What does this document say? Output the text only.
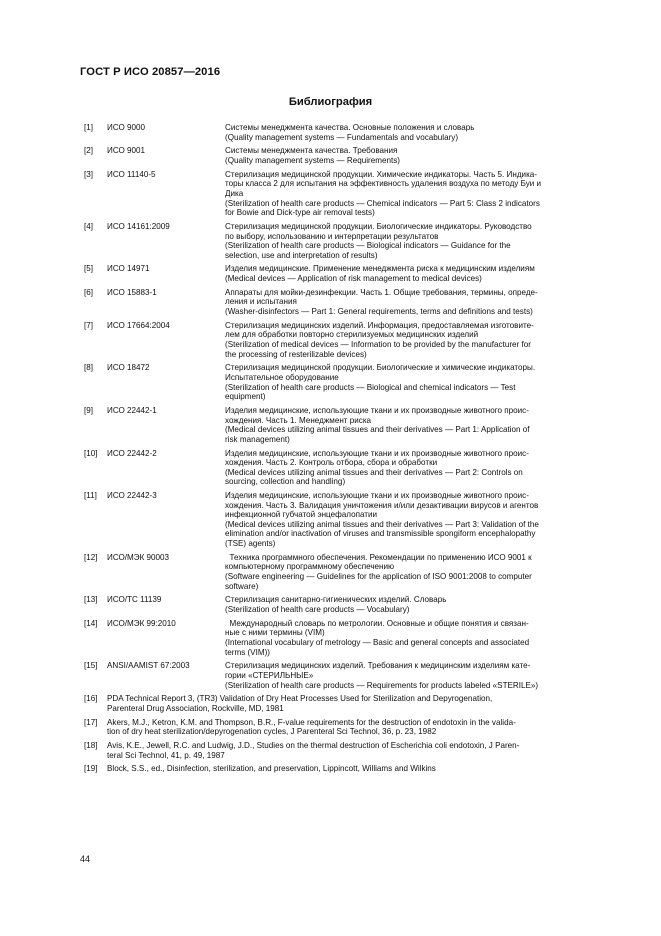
ГОСТ Р ИСО 20857—2016
Библиография
[1] ИСО 9000	Системы менеджмента качества. Основные положения и словарь
(Quality management systems — Fundamentals and vocabulary)
[2] ИСО 9001	Системы менеджмента качества. Требования
(Quality management systems — Requirements)
[3] ИСО 11140-5	Стерилизация медицинской продукции. Химические индикаторы. Часть 5. Индика-
торы класса 2 для испытания на эффективность удаления воздуха по методу Буи и
Дика
(Sterilization of health care products — Chemical indicators — Part 5: Class 2 indicators
for Bowie and Dick-type air removal tests)
[4] ИСО 14161:2009	Стерилизация медицинской продукции. Биологические индикаторы. Руководство
по выбору, использованию и интерпретации результатов
(Sterilization of health care products — Biological indicators — Guidance for the
selection, use and interpretation of results)
[5] ИСО 14971	Изделия медицинские. Применение менеджмента риска к медицинским изделиям
(Medical devices — Application of risk management to medical devices)
[6] ИСО 15883-1	Аппараты для мойки-дезинфекции. Часть 1. Общие требования, термины, опреде-
ления и испытания
(Washer-disinfectors — Part 1: General requirements, terms and definitions and tests)
[7] ИСО 17664:2004	Стерилизация медицинских изделий. Информация, предоставляемая изготовите-
лем для обработки повторно стерилизуемых медицинских изделий
(Sterilization of medical devices — Information to be provided by the manufacturer for
the processing of resterilizable devices)
[8] ИСО 18472	Стерилизация медицинской продукции. Биологические и химические индикаторы.
Испытательное оборудование
(Sterilization of health care products — Biological and chemical indicators — Test
equipment)
[9] ИСО 22442-1	Изделия медицинские, использующие ткани и их производные животного проис-
хождения. Часть 1. Менеджмент риска
(Medical devices utilizing animal tissues and their derivatives — Part 1: Application of
risk management)
[10] ИСО 22442-2	Изделия медицинские, использующие ткани и их производные животного проис-
хождения. Часть 2. Контроль отбора, сбора и обработки
(Medical devices utilizing animal tissues and their derivatives — Part 2: Controls on
sourcing, collection and handling)
[11] ИСО 22442-3	Изделия медицинские, использующие ткани и их производные животного проис-
хождения. Часть 3. Валидация уничтожения и/или дезактивации вирусов и агентов
инфекционной губчатой энцефалопатии
(Medical devices utilizing animal tissues and their derivatives — Part 3: Validation of the
elimination and/or inactivation of viruses and transmissible spongiform encephalopathy
(TSE) agents)
[12] ИСО/МЭК 90003	Техника программного обеспечения. Рекомендации по применению ИСО 9001 к
компьютерному программному обеспечению
(Software engineering — Guidelines for the application of ISO 9001:2008 to computer
software)
[13] ИСО/ТС 11139	Стерилизация санитарно-гигиенических изделий. Словарь
(Sterilization of health care products — Vocabulary)
[14] ИСО/МЭК 99:2010	Международный словарь по метрологии. Основные и общие понятия и связан-
ные с ними термины (VIM)
(International vocabulary of metrology — Basic and general concepts and associated
terms (VIM))
[15] ANSI/AAMIST 67:2003	Стерилизация медицинских изделий. Требования к медицинским изделиям кате-
гории «СТЕРИЛЬНЫЕ»
(Sterilization of health care products — Requirements for products labeled «STERILE»)
[16] PDA Technical Report 3, (TR3) Validation of Dry Heat Processes Used for Sterilization and Depyrogenation,
Parenteral Drug Association, Rockville, MD, 1981
[17] Akers, M.J., Ketron, K.M. and Thompson, B.R., F-value requirements for the destruction of endotoxin in the valida-
tion of dry heat sterilization/depyrogenation cycles, J Parenteral Sci Technol, 36, p. 23, 1982
[18] Avis, K.E., Jewell, R.C. and Ludwig, J.D., Studies on the thermal destruction of Escherichia coli endotoxin, J Paren-
teral Sci Technol, 41, p. 49, 1987
[19] Block, S.S., ed., Disinfection, sterilization, and preservation, Lippincott, Williams and Wilkins
44
